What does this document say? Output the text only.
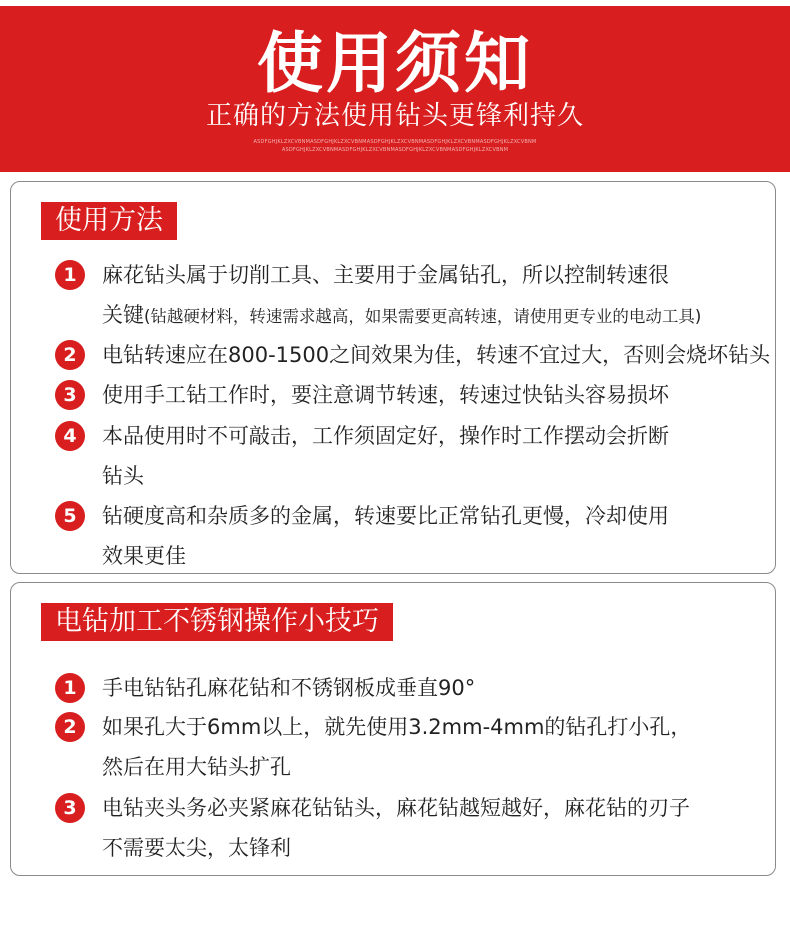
使用须知
正确的方法使用钻头更锋利持久
ASDFGHJKLZXCVBNMASDFGHJKLZXCVBNMASDFGHJKLZXCVBNMASDFGHJKLZXCVBNMASDFGHJKLZXCVBNM
ASDFGHJKLZXCVBNMASDFGHJKLZXCVBNMASDFGHJKLZXCVBNMASDFGHJKLZXCVBNM
使用方法
1	麻花钻头属于切削工具、主要用于金属钻孔，所以控制转速很
关键(钻越硬材料，转速需求越高，如果需要更高转速，请使用更专业的电动工具)
2	电钻转速应在800-1500之间效果为佳，转速不宜过大，否则会烧坏钻头
3	使用手工钻工作时，要注意调节转速，转速过快钻头容易损坏
4	本品使用时不可敲击，工作须固定好，操作时工作摆动会折断
钻头
5	钻硬度高和杂质多的金属，转速要比正常钻孔更慢，冷却使用
效果更佳
电钻加工不锈钢操作小技巧
1	手电钻钻孔麻花钻和不锈钢板成垂直90°
2	如果孔大于6mm以上，就先使用3.2mm-4mm的钻孔打小孔，
然后在用大钻头扩孔
3	电钻夹头务必夹紧麻花钻钻头，麻花钻越短越好，麻花钻的刃子
不需要太尖，太锋利
